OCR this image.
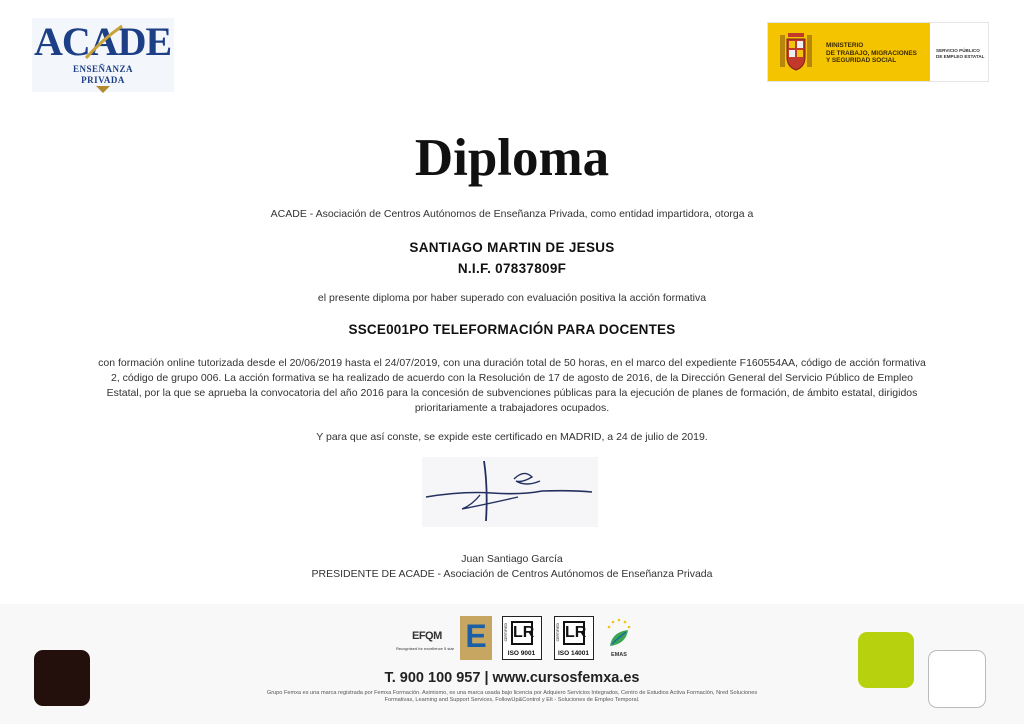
ACADE
ENSEÑANZA
PRIVADA
MINISTERIO
DE TRABAJO, MIGRACIONES
Y SEGURIDAD SOCIAL
SERVICIO PÚBLICO
DE EMPLEO ESTATAL
Diploma
ACADE - Asociación de Centros Autónomos de Enseñanza Privada, como entidad impartidora, otorga a
SANTIAGO MARTIN DE JESUS
N.I.F. 07837809F
el presente diploma por haber superado con evaluación positiva la acción formativa
SSCE001PO TELEFORMACIÓN PARA DOCENTES
con formación online tutorizada desde el 20/06/2019 hasta el 24/07/2019, con una duración total de 50 horas, en el marco del expediente F160554AA, código de acción formativa 2, código de grupo 006. La acción formativa se ha realizado de acuerdo con la Resolución de 17 de agosto de 2016, de la Dirección General del Servicio Público de Empleo Estatal, por la que se aprueba la convocatoria del año 2016 para la concesión de subvenciones públicas para la ejecución de planes de formación, de ámbito estatal, dirigidos prioritariamente a trabajadores ocupados.
Y para que así conste, se expide este certificado en MADRID, a 24 de julio de 2019.
Juan Santiago García
PRESIDENTE DE ACADE - Asociación de Centros Autónomos de Enseñanza Privada
EFQM
Recognised for excellence 5 star E	CERTIFIED LR
ISO 9001
CERTIFIED LR
ISO 14001	EMAS
T. 900 100 957 | www.cursosfemxa.es
Grupo Femxa es una marca registrada por Femxa Formación. Asimismo, es una marca usada bajo licencia por Adquiero Servicios Integrados, Centro de Estudios Activa Formación, Nred Soluciones Formativas, Learning and Support Services, FollowUp&Control y Elt - Soluciones de Empleo Temporal.
